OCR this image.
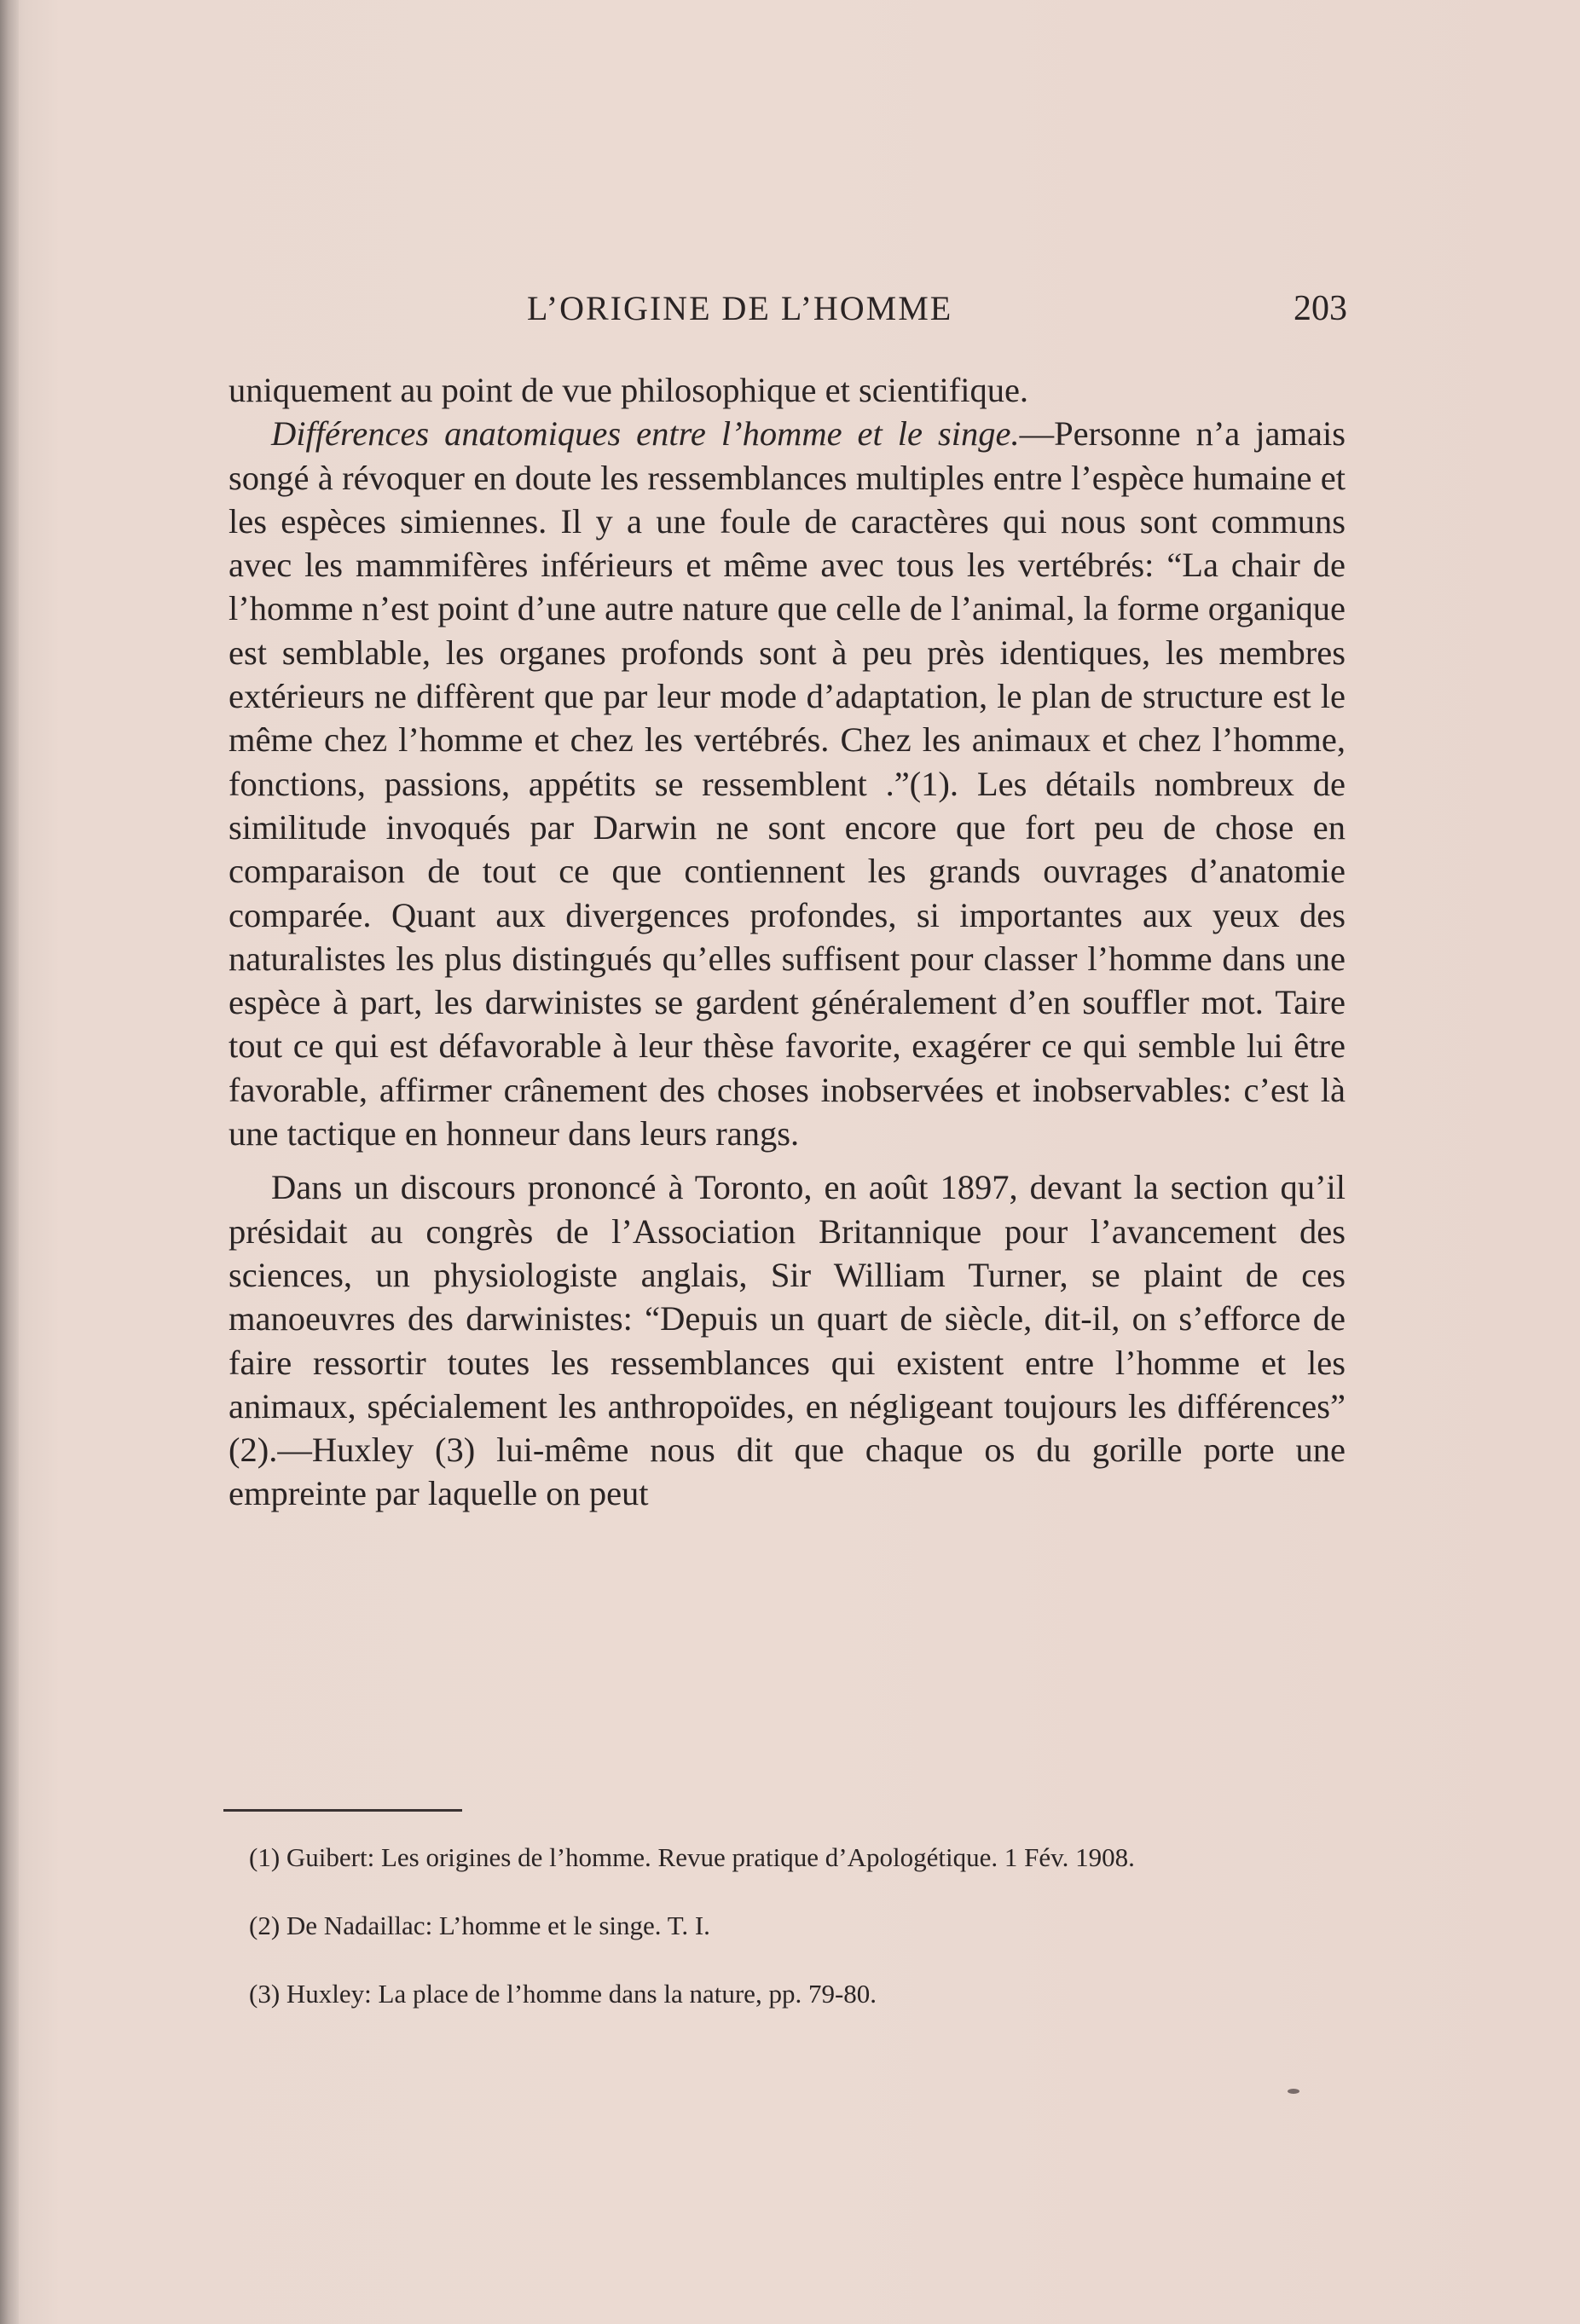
L’ORIGINE DE L’HOMME	203

uniquement au point de vue philosophique et scientifique.

Différences anatomiques entre l’homme et le singe.—Personne n’a jamais songé à révoquer en doute les ressemblances multiples entre l’espèce humaine et les espèces simiennes. Il y a une foule de caractères qui nous sont communs avec les mammifères inférieurs et même avec tous les vertébrés: “La chair de l’homme n’est point d’une autre nature que celle de l’animal, la forme organique est semblable, les organes profonds sont à peu près identiques, les membres extérieurs ne diffèrent que par leur mode d’adaptation, le plan de structure est le même chez l’homme et chez les vertébrés. Chez les animaux et chez l’homme, fonctions, passions, appétits se ressemblent .”(1). Les détails nombreux de similitude invoqués par Darwin ne sont encore que fort peu de chose en comparaison de tout ce que contiennent les grands ouvrages d’anatomie comparée. Quant aux divergences profondes, si importantes aux yeux des naturalistes les plus distingués qu’elles suffisent pour classer l’homme dans une espèce à part, les darwinistes se gardent généralement d’en souffler mot. Taire tout ce qui est défavorable à leur thèse favorite, exagérer ce qui semble lui être favorable, affirmer crânement des choses inobservées et inobservables: c’est là une tactique en honneur dans leurs rangs.

Dans un discours prononcé à Toronto, en août 1897, devant la section qu’il présidait au congrès de l’Association Britannique pour l’avancement des sciences, un physiologiste anglais, Sir William Turner, se plaint de ces manoeuvres des darwinistes: “Depuis un quart de siècle, dit-il, on s’efforce de faire ressortir toutes les ressemblances qui existent entre l’homme et les animaux, spécialement les anthropoïdes, en négligeant toujours les différences” (2).—Huxley (3) lui-même nous dit que chaque os du gorille porte une empreinte par laquelle on peut

(1) Guibert: Les origines de l’homme. Revue pratique d’Apologétique. 1 Fév. 1908.

(2) De Nadaillac: L’homme et le singe. T. I.

(3) Huxley: La place de l’homme dans la nature, pp. 79-80.
